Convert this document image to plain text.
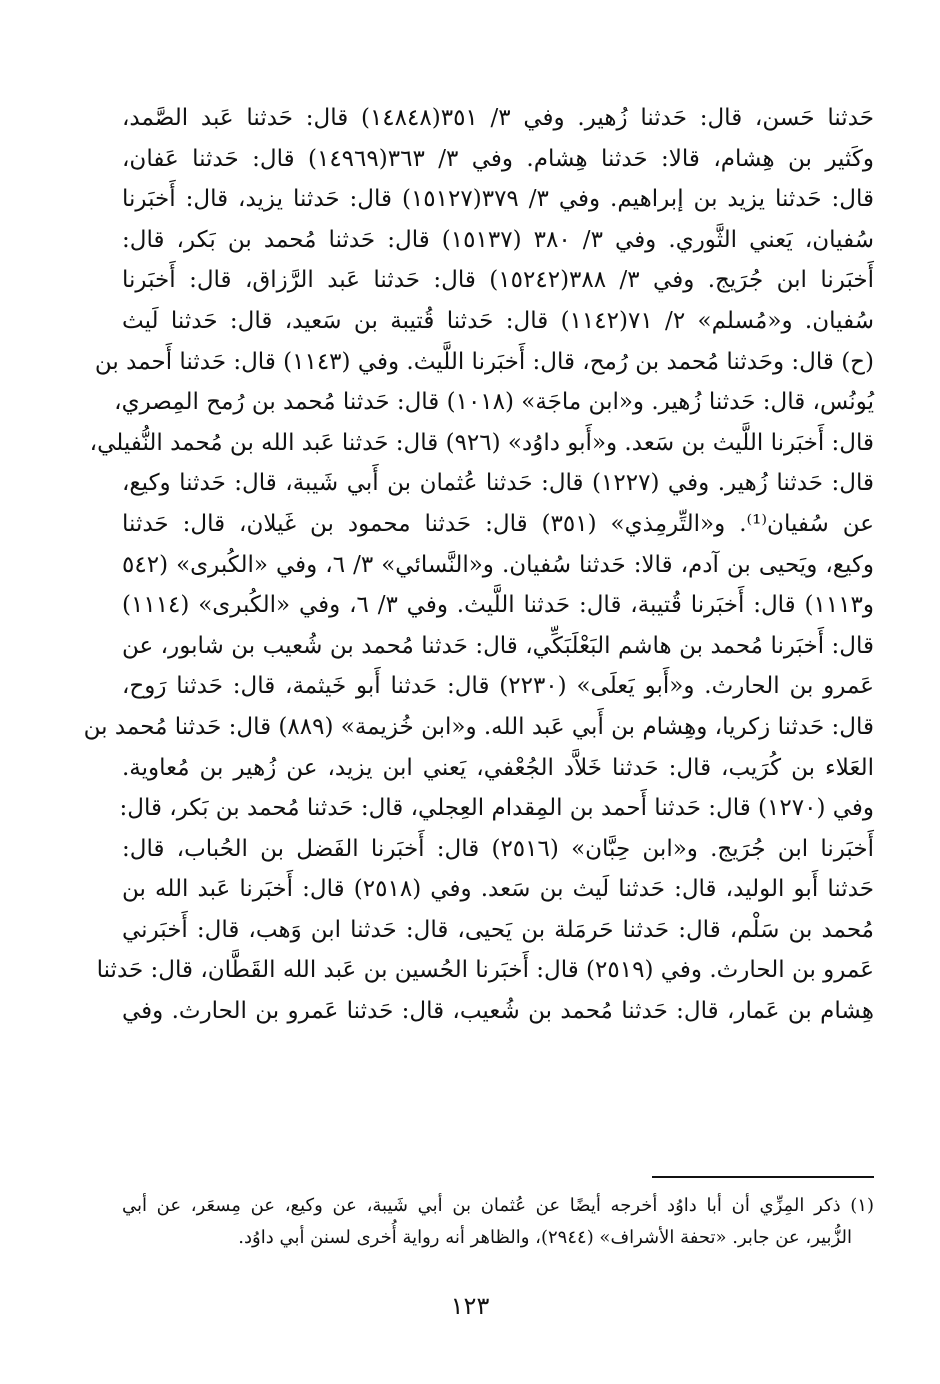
حَدثنا حَسن، قال: حَدثنا زُهير. وفي ٣/ ٣٥١(١٤٨٤٨) قال: حَدثنا عَبد الصَّمد،
وكَثير بن هِشام، قالا: حَدثنا هِشام. وفي ٣/ ٣٦٣(١٤٩٦٩) قال: حَدثنا عَفان،
قال: حَدثنا يزيد بن إبراهيم. وفي ٣/ ٣٧٩(١٥١٢٧) قال: حَدثنا يزيد، قال: أَخبَرنا
سُفيان، يَعني الثَّوري. وفي ٣/ ٣٨٠ (١٥١٣٧) قال: حَدثنا مُحمد بن بَكر، قال:
أَخبَرنا ابن جُرَيج. وفي ٣/ ٣٨٨(١٥٢٤٢) قال: حَدثنا عَبد الرَّزاق، قال: أَخبَرنا
سُفيان. و«مُسلم» ٢/ ٧١(١١٤٢) قال: حَدثنا قُتيبة بن سَعيد، قال: حَدثنا لَيث
(ح) قال: وحَدثنا مُحمد بن رُمح، قال: أَخبَرنا اللَّيث. وفي (١١٤٣) قال: حَدثنا أَحمد بن
يُونُس، قال: حَدثنا زُهير. و«ابن ماجَة» (١٠١٨) قال: حَدثنا مُحمد بن رُمح المِصري،
قال: أَخبَرنا اللَّيث بن سَعد. و«أَبو داوُد» (٩٢٦) قال: حَدثنا عَبد الله بن مُحمد النُّفيلي،
قال: حَدثنا زُهير. وفي (١٢٢٧) قال: حَدثنا عُثمان بن أَبي شَيبة، قال: حَدثنا وكيع،
عن سُفيان⁽¹⁾. و«التِّرمِذي» (٣٥١) قال: حَدثنا محمود بن غَيلان، قال: حَدثنا
وكيع، ويَحيى بن آدم، قالا: حَدثنا سُفيان. و«النَّسائي» ٣/ ٦، وفي «الكُبرى» (٥٤٢
و١١١٣) قال: أَخبَرنا قُتيبة، قال: حَدثنا اللَّيث. وفي ٣/ ٦، وفي «الكُبرى» (١١١٤)
قال: أَخبَرنا مُحمد بن هاشم البَعْلَبَكِّي، قال: حَدثنا مُحمد بن شُعيب بن شابور، عن
عَمرو بن الحارث. و«أَبو يَعلَى» (٢٢٣٠) قال: حَدثنا أَبو خَيثمة، قال: حَدثنا رَوح،
قال: حَدثنا زكريا، وهِشام بن أَبي عَبد الله. و«ابن خُزيمة» (٨٨٩) قال: حَدثنا مُحمد بن
العَلاء بن كُرَيب، قال: حَدثنا خَلاَّد الجُعْفي، يَعني ابن يزيد، عن زُهير بن مُعاوية.
وفي (١٢٧٠) قال: حَدثنا أَحمد بن المِقدام العِجلي، قال: حَدثنا مُحمد بن بَكر، قال:
أَخبَرنا ابن جُرَيج. و«ابن حِبَّان» (٢٥١٦) قال: أَخبَرنا الفَضل بن الحُباب، قال:
حَدثنا أَبو الوليد، قال: حَدثنا لَيث بن سَعد. وفي (٢٥١٨) قال: أَخبَرنا عَبد الله بن
مُحمد بن سَلْم، قال: حَدثنا حَرمَلة بن يَحيى، قال: حَدثنا ابن وَهب، قال: أَخبَرني
عَمرو بن الحارث. وفي (٢٥١٩) قال: أَخبَرنا الحُسين بن عَبد الله القَطَّان، قال: حَدثنا
هِشام بن عَمار، قال: حَدثنا مُحمد بن شُعيب، قال: حَدثنا عَمرو بن الحارث. وفي
(١) ذكر المِزِّي أن أبا داوُد أخرجه أيضًا عن عُثمان بن أبي شَيبة، عن وكيع، عن مِسعَر، عن أبي
الزُّبير، عن جابر. «تحفة الأشراف» (٢٩٤٤)، والظاهر أنه رواية أُخرى لسنن أبي داوُد.
١٢٣
